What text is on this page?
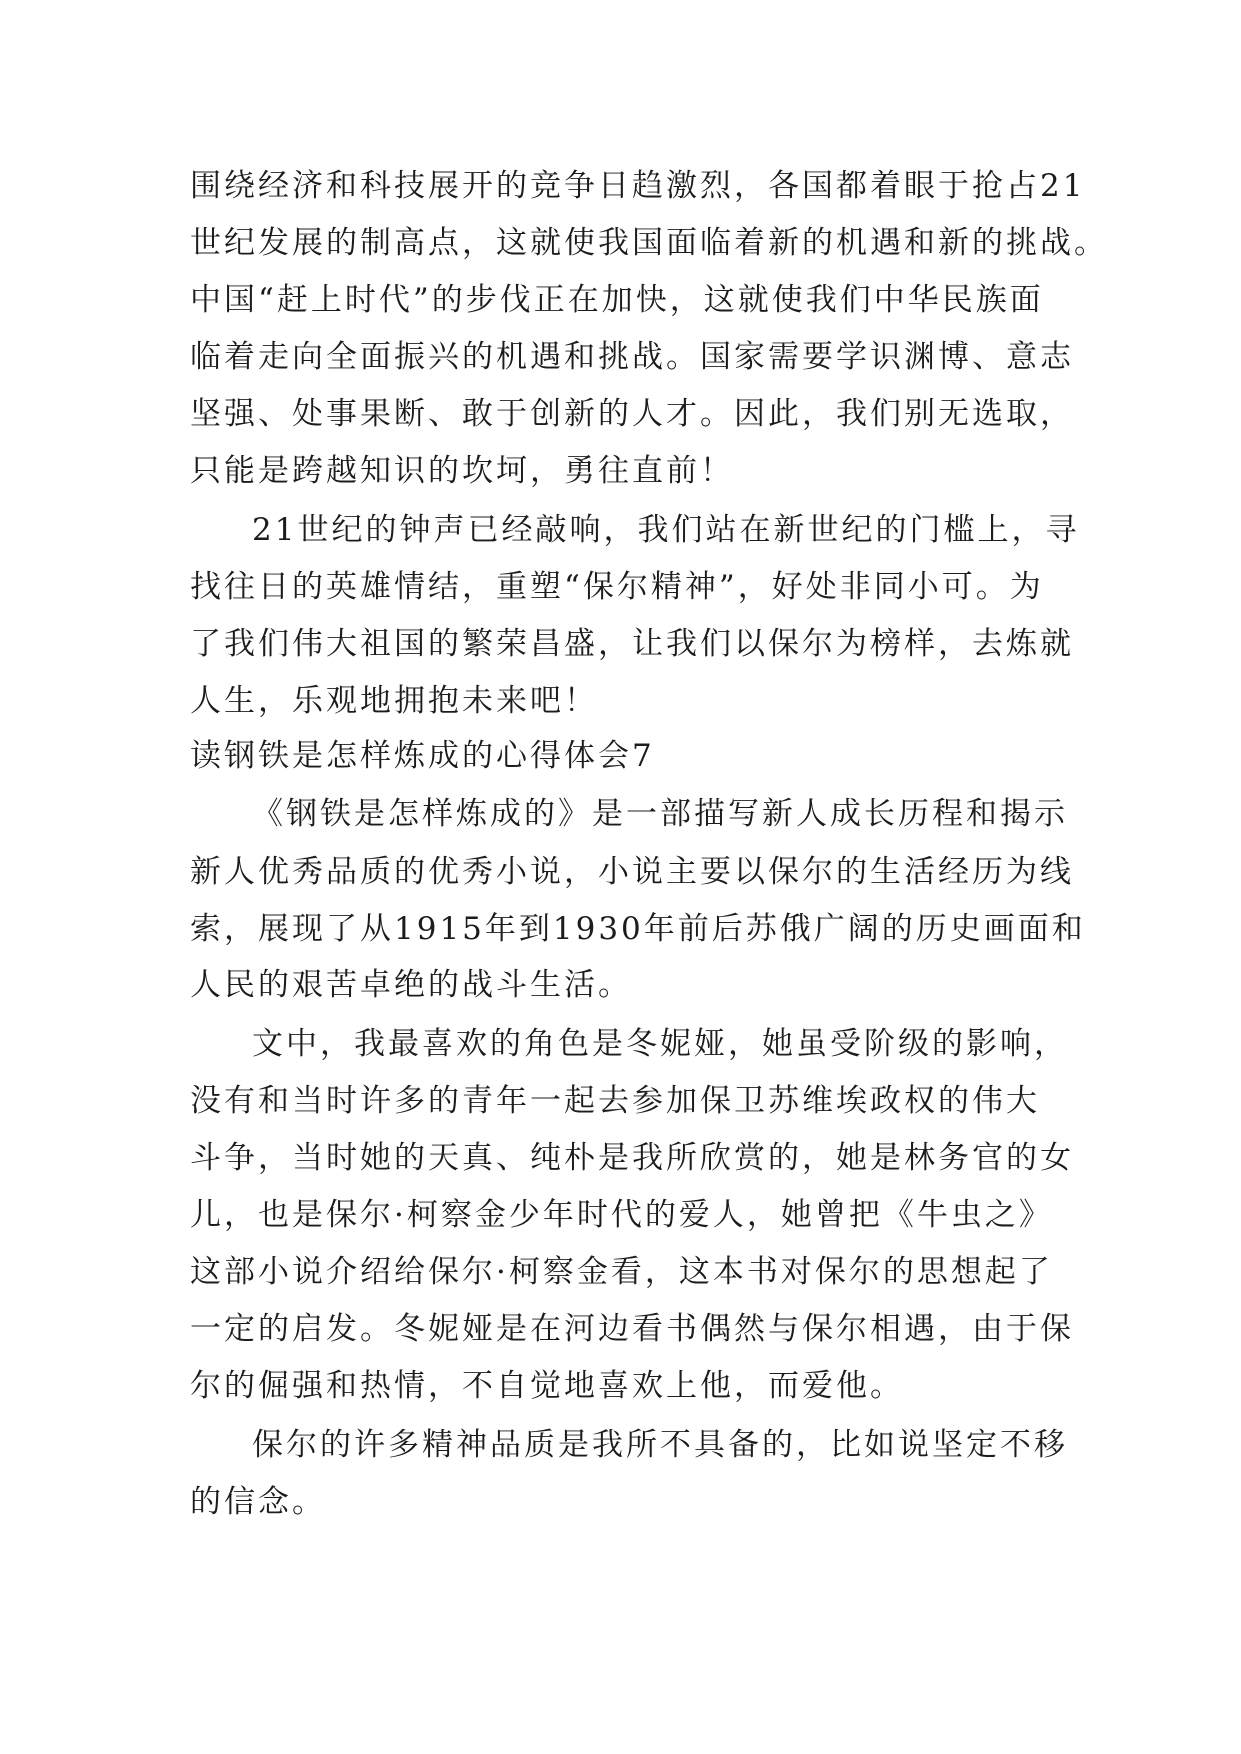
围绕经济和科技展开的竞争日趋激烈，各国都着眼于抢占21

世纪发展的制高点，这就使我国面临着新的机遇和新的挑战。

中国“赶上时代”的步伐正在加快，这就使我们中华民族面

临着走向全面振兴的机遇和挑战。国家需要学识渊博、意志

坚强、处事果断、敢于创新的人才。因此，我们别无选取，

只能是跨越知识的坎坷，勇往直前！

21世纪的钟声已经敲响，我们站在新世纪的门槛上，寻

找往日的英雄情结，重塑“保尔精神”，好处非同小可。为

了我们伟大祖国的繁荣昌盛，让我们以保尔为榜样，去炼就

人生，乐观地拥抱未来吧！

读钢铁是怎样炼成的心得体会7

《钢铁是怎样炼成的》是一部描写新人成长历程和揭示

新人优秀品质的优秀小说，小说主要以保尔的生活经历为线

索，展现了从1915年到1930年前后苏俄广阔的历史画面和

人民的艰苦卓绝的战斗生活。

文中，我最喜欢的角色是冬妮娅，她虽受阶级的影响，

没有和当时许多的青年一起去参加保卫苏维埃政权的伟大

斗争，当时她的天真、纯朴是我所欣赏的，她是林务官的女

儿，也是保尔·柯察金少年时代的爱人，她曾把《牛虫之》

这部小说介绍给保尔·柯察金看，这本书对保尔的思想起了

一定的启发。冬妮娅是在河边看书偶然与保尔相遇，由于保

尔的倔强和热情，不自觉地喜欢上他，而爱他。

保尔的许多精神品质是我所不具备的，比如说坚定不移

的信念。
